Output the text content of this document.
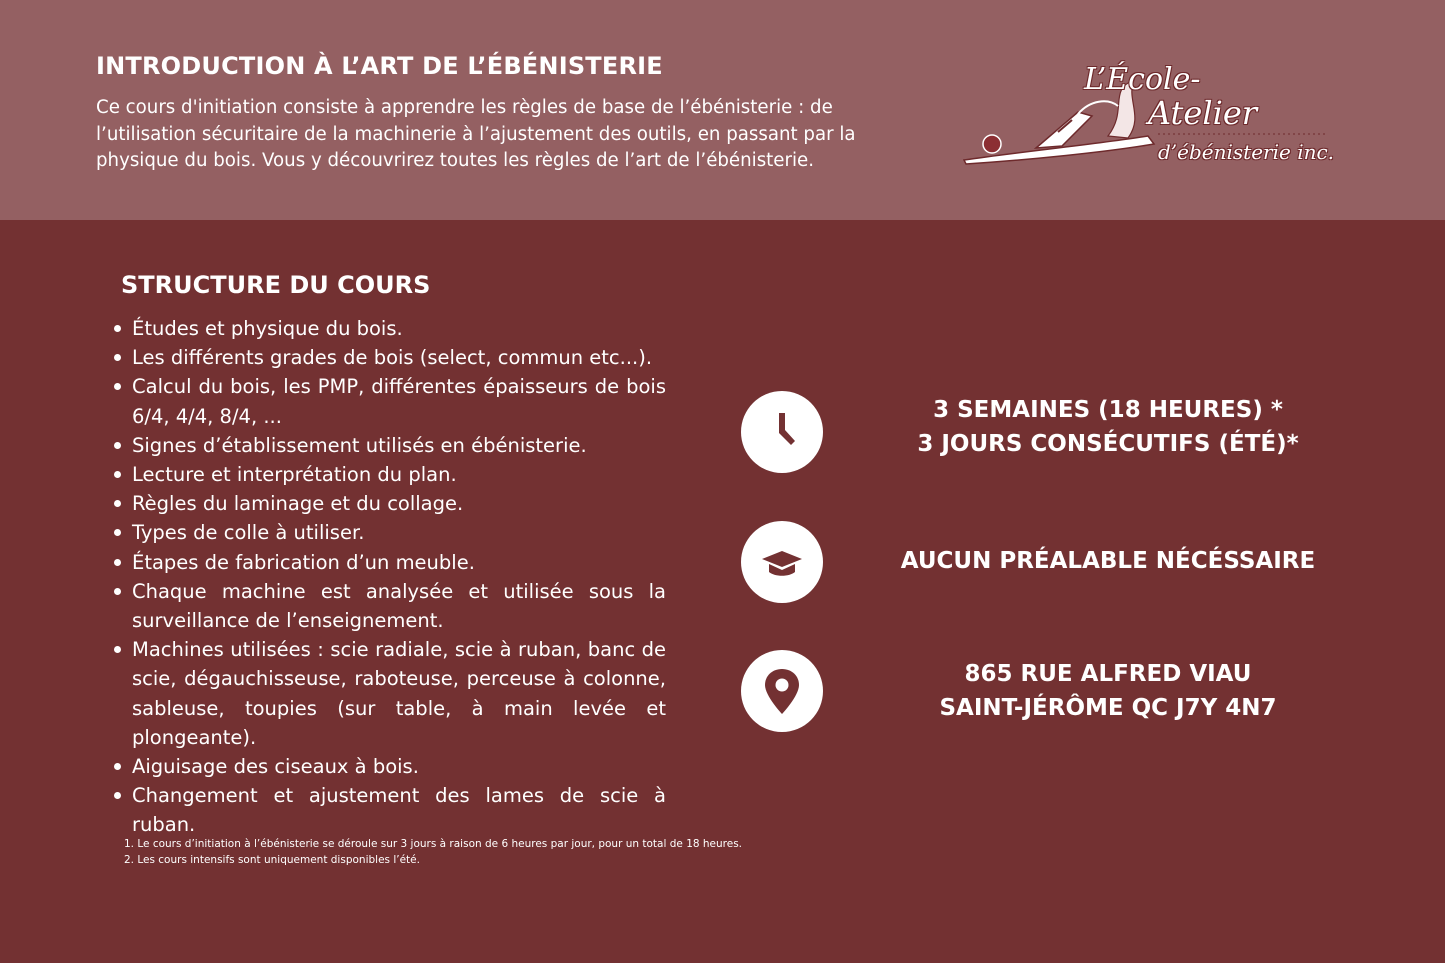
INTRODUCTION À L’ART DE L’ÉBÉNISTERIE

Ce cours d'initiation consiste à apprendre les règles de base de l’ébénisterie : de l’utilisation sécuritaire de la machinerie à l’ajustement des outils, en passant par la physique du bois. Vous y découvrirez toutes les règles de l’art de l’ébénisterie.

L’École-
Atelier
d’ébénisterie inc.
STRUCTURE DU COURS
Études et physique du bois.
Les différents grades de bois (select, commun etc...).
Calcul du bois, les PMP, différentes épaisseurs de bois 6/4, 4/4, 8/4, ...
Signes d’établissement utilisés en ébénisterie.
Lecture et interprétation du plan.
Règles du laminage et du collage.
Types de colle à utiliser.
Étapes de fabrication d’un meuble.
Chaque machine est analysée et utilisée sous la surveillance de l’enseignement.
Machines utilisées : scie radiale, scie à ruban, banc de scie, dégauchisseuse, raboteuse, perceuse à colonne, sableuse, toupies (sur table, à main levée et plongeante).
Aiguisage des ciseaux à bois.
Changement et ajustement des lames de scie à ruban.
1. Le cours d’initiation à l’ébénisterie se déroule sur 3 jours à raison de 6 heures par jour, pour un total de 18 heures.
2. Les cours intensifs sont uniquement disponibles l’été.
3 SEMAINES (18 HEURES) *
3 JOURS CONSÉCUTIFS (ÉTÉ)*
AUCUN PRÉALABLE NÉCÉSSAIRE
865 RUE ALFRED VIAU
SAINT-JÉRÔME QC J7Y 4N7
